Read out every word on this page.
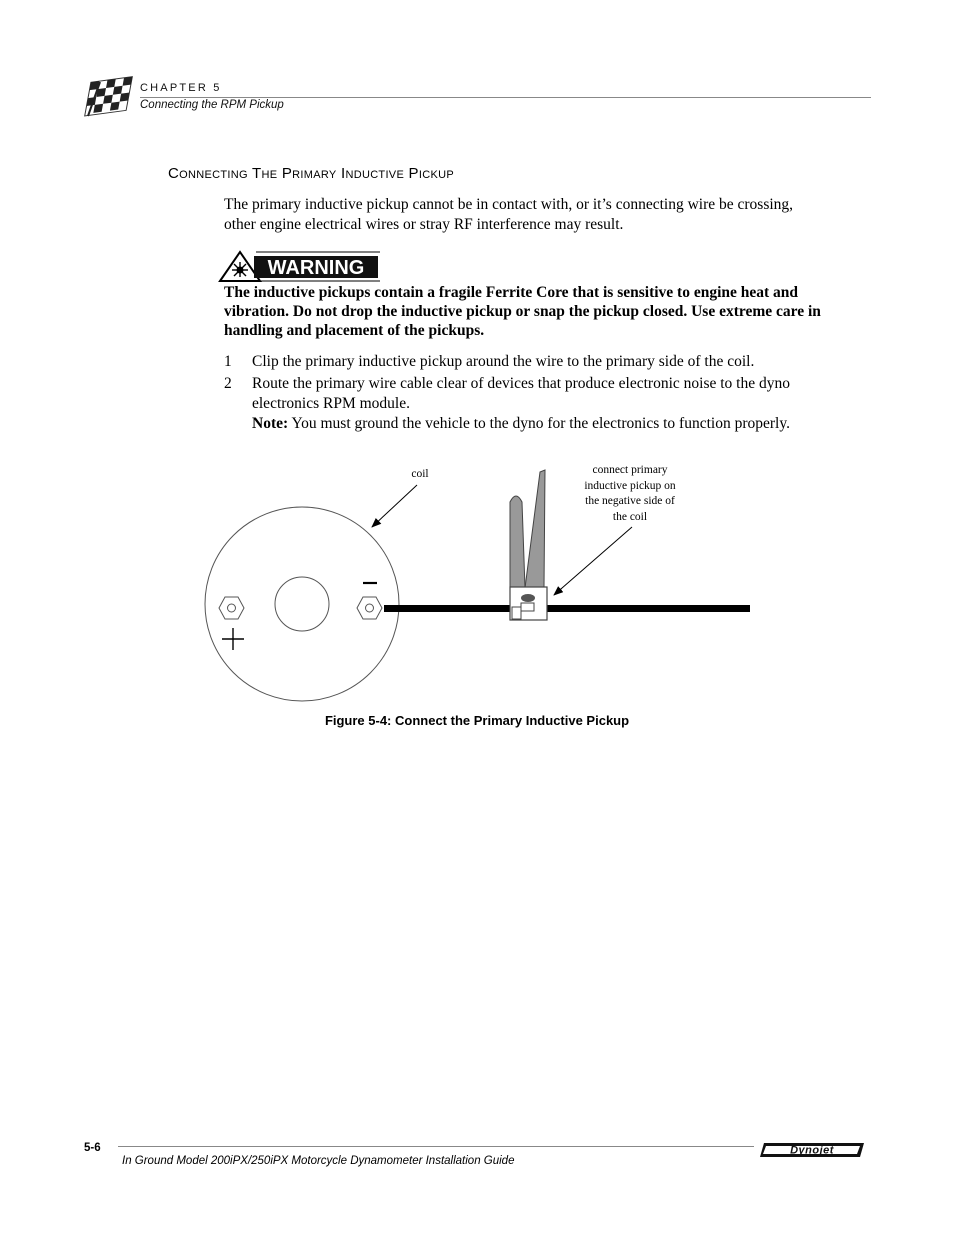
CHAPTER 5
Connecting the RPM Pickup
Connecting The Primary Inductive Pickup
The primary inductive pickup cannot be in contact with, or it’s connecting wire be crossing, other engine electrical wires or stray RF interference may result.
WARNING
The inductive pickups contain a fragile Ferrite Core that is sensitive to engine heat and vibration. Do not drop the inductive pickup or snap the pickup closed. Use extreme care in handling and placement of the pickups.
1 Clip the primary inductive pickup around the wire to the primary side of the coil.
2 Route the primary wire cable clear of devices that produce electronic noise to the dyno electronics RPM module.
Note: You must ground the vehicle to the dyno for the electronics to function properly.
coil	connect primary
inductive pickup on
the negative side of
the coil
Figure 5-4: Connect the Primary Inductive Pickup
5-6
In Ground Model 200iPX/250iPX Motorcycle Dynamometer Installation Guide
Dynojet
